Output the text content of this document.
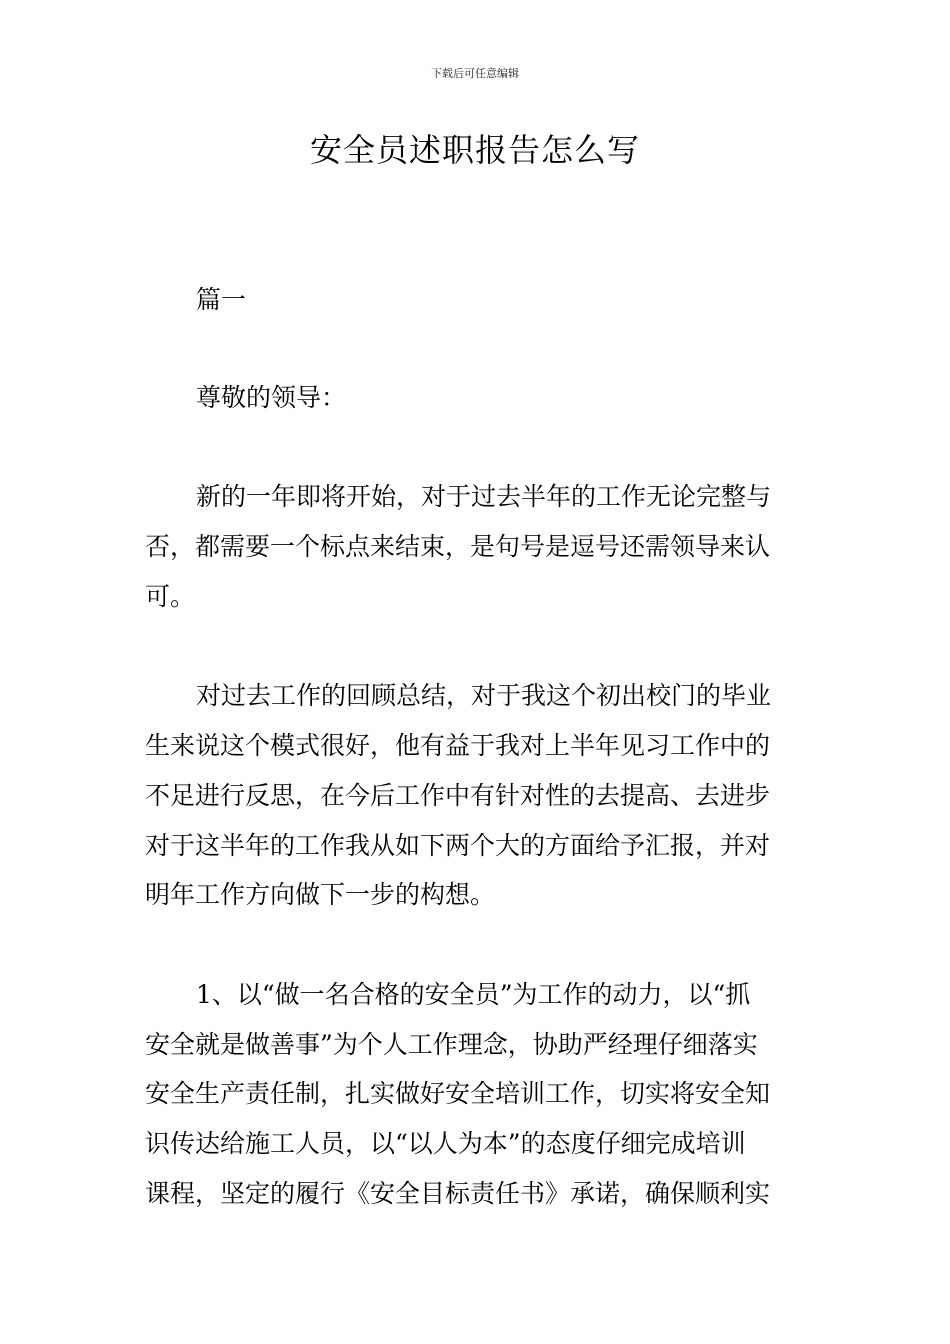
下载后可任意编辑
安全员述职报告怎么写
篇一
尊敬的领导：
新的一年即将开始，对于过去半年的工作无论完整与
否，都需要一个标点来结束，是句号是逗号还需领导来认
可。
对过去工作的回顾总结，对于我这个初出校门的毕业
生来说这个模式很好，他有益于我对上半年见习工作中的
不足进行反思，在今后工作中有针对性的去提高、去进步
对于这半年的工作我从如下两个大的方面给予汇报，并对
明年工作方向做下一步的构想。
1、以“做一名合格的安全员”为工作的动力，以“抓
安全就是做善事”为个人工作理念，协助严经理仔细落实
安全生产责任制，扎实做好安全培训工作，切实将安全知
识传达给施工人员，以“以人为本”的态度仔细完成培训
课程，坚定的履行《安全目标责任书》承诺，确保顺利实
